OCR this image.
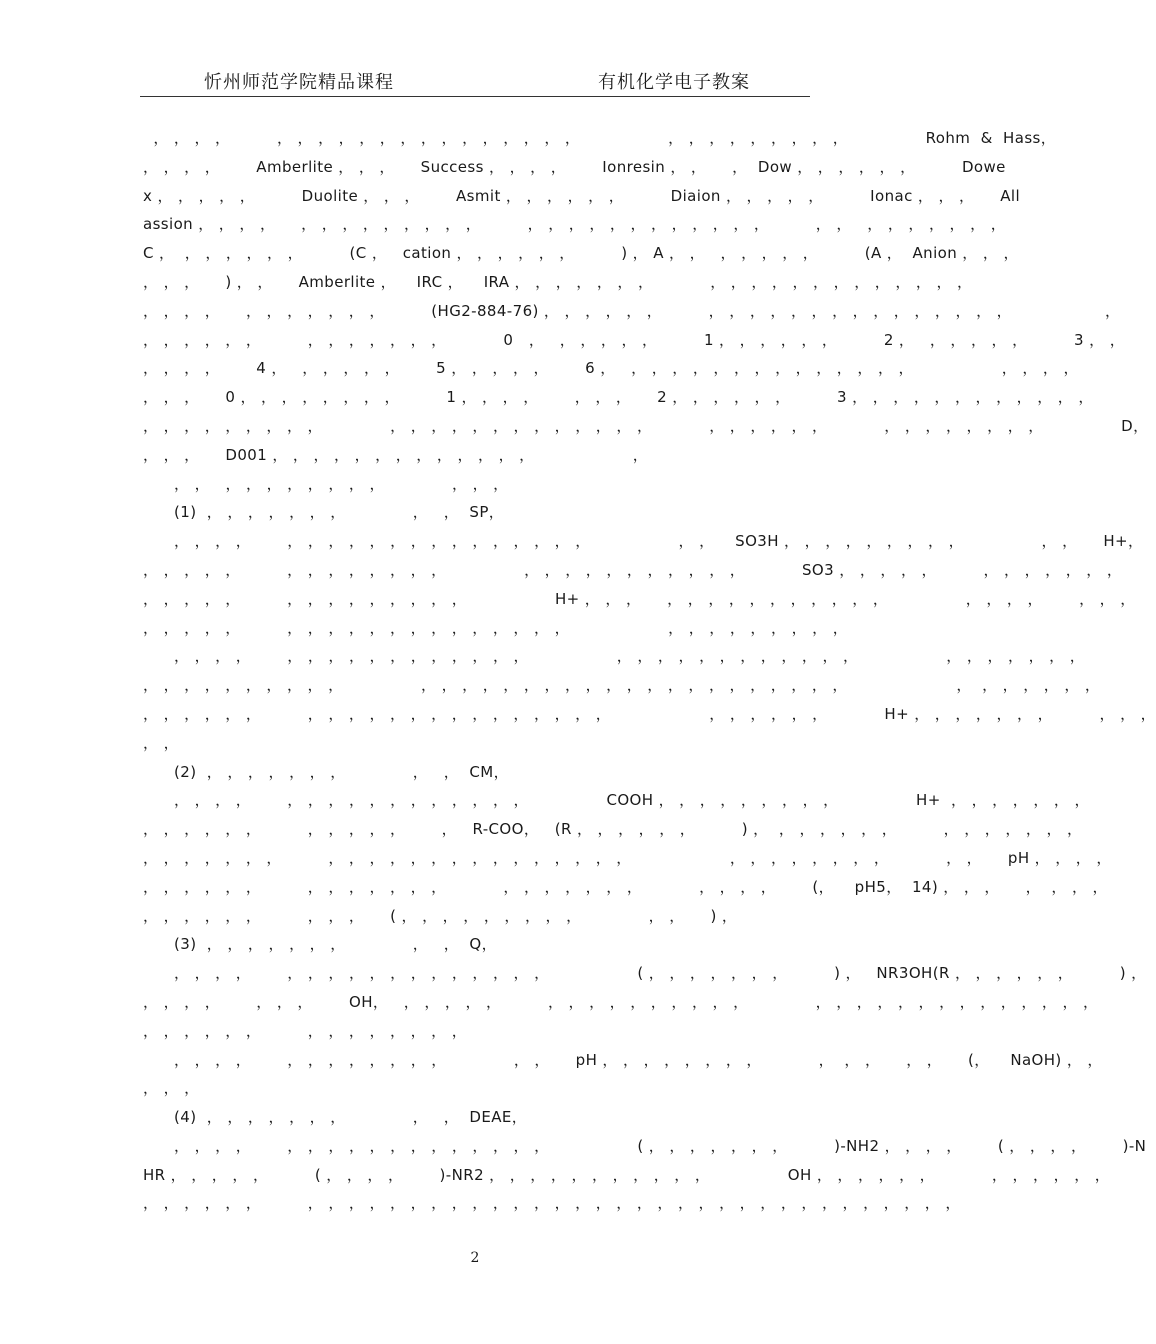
忻州师范学院精品课程	有机化学电子教案
， ， ， ，         ， ， ， ， ， ， ， ， ， ， ， ， ， ， ，                 ， ， ， ， ， ， ， ， ，               Rohm  &  Hass，
， ， ， ，       Amberlite ， ， ，     Success ， ， ， ，       Ionresin ， ，     ，  Dow ， ， ， ， ， ，         Dowe
x ， ， ， ， ，         Duolite ， ， ，       Asmit ， ， ， ， ， ，         Diaion ， ， ， ， ，         Ionac ， ， ，     All
assion ， ， ， ，     ， ， ， ， ， ， ， ， ，         ， ， ， ， ， ， ， ， ， ， ， ，         ， ，   ， ， ， ， ， ， ，
C ，  ， ， ， ， ， ，         (C ，   cation ， ， ， ， ， ，         ) ， A ， ，   ， ， ， ， ，         (A ，  Anion ， ， ，
， ， ，     ) ， ，     Amberlite ，    IRC ，    IRA ， ， ， ， ， ， ，           ， ， ， ， ， ， ， ， ， ， ， ， ，
， ， ， ，     ， ， ， ， ， ， ，         (HG2-884-76) ， ， ， ， ， ，         ， ， ， ， ， ， ， ， ， ， ， ， ， ， ，                  ，
， ， ， ， ， ，         ， ， ， ， ， ， ，           0   ，   ， ， ， ， ，         1 ， ， ， ， ， ，         2 ，   ， ， ， ， ，         3 ， ，
， ， ， ，       4 ，   ， ， ， ， ，       5 ， ， ， ， ，       6 ，   ， ， ， ， ， ， ， ， ， ， ， ， ， ，                 ， ， ， ，
， ， ，     0 ， ， ， ， ， ， ， ，         1 ， ， ， ，       ， ， ，     2 ， ， ， ， ， ，         3 ， ， ， ， ， ， ， ， ， ， ， ，
， ， ， ， ， ， ， ， ，             ， ， ， ， ， ， ， ， ， ， ， ， ，           ， ， ， ， ， ，           ， ， ， ， ， ， ， ，               D，
， ， ，     D001 ， ， ， ， ， ， ， ， ， ， ， ， ，                   ，
， ，   ， ， ， ， ， ， ， ，             ， ， ，
(1)  ， ， ， ， ， ， ，             ，   ，  SP，
， ， ， ，       ， ， ， ， ， ， ， ， ， ， ， ， ， ， ，                 ， ，    SO3H ， ， ， ， ， ， ， ， ，               ， ，     H+，
， ， ， ， ，         ， ， ， ， ， ， ， ，               ， ， ， ， ， ， ， ， ， ， ，           SO3 ， ， ， ， ，         ， ， ， ， ， ， ，
， ， ， ， ，         ， ， ， ， ， ， ， ， ，                 H+ ， ， ，     ， ， ， ， ， ， ， ， ， ， ，               ， ， ， ，       ， ， ，
， ， ， ， ，         ， ， ， ， ， ， ， ， ， ， ， ， ， ，                   ， ， ， ， ， ， ， ， ，
， ， ， ，       ， ， ， ， ， ， ， ， ， ， ， ，                 ， ， ， ， ， ， ， ， ， ， ， ，                 ， ， ， ， ， ， ，
， ， ， ， ， ， ， ， ， ，               ， ， ， ， ， ， ， ， ， ， ， ， ， ， ， ， ， ， ， ， ，                     ，  ， ， ， ， ， ，
， ， ， ， ， ，         ， ， ， ， ， ， ， ， ， ， ， ， ， ， ，                   ， ， ， ， ， ，           H+ ， ， ， ， ， ， ，         ， ， ，
， ，
(2)  ， ， ， ， ， ， ，             ，   ，  CM，
， ， ， ，       ， ， ， ， ， ， ， ， ， ， ， ，               COOH ， ， ， ， ， ， ， ， ，               H+  ， ， ， ， ， ， ，
， ， ， ， ， ，         ， ， ， ， ，       ，   R-COO，   (R ， ， ， ， ， ，         ) ，  ， ， ， ， ， ，         ， ， ， ， ， ， ，
， ， ， ， ， ， ，         ， ， ， ， ， ， ， ， ， ， ， ， ， ， ，                   ， ， ， ， ， ， ， ，           ， ，     pH ， ， ， ，
， ， ， ， ， ，         ， ， ， ， ， ， ，           ， ， ， ， ， ， ，           ， ， ， ，       (，    pH5，  14) ， ， ，     ，  ， ， ，
， ， ， ， ， ，         ， ， ，     ( ， ， ， ， ， ， ， ， ，             ， ，     ) ，
(3)  ， ， ， ， ， ， ，             ，   ，  Q，
， ， ， ，       ， ， ， ， ， ， ， ， ， ， ， ， ，                 ( ， ， ， ， ， ， ，         ) ，   NR3OH(R ， ， ， ， ， ，         ) ，
， ， ， ，       ， ， ，       OH，   ， ， ， ， ，         ， ， ， ， ， ， ， ， ， ，             ， ， ， ， ， ， ， ， ， ， ， ， ， ，
， ， ， ， ， ，         ， ， ， ， ， ， ， ，
， ， ， ，       ， ， ， ， ， ， ， ，             ， ，     pH ， ， ， ， ， ， ， ，           ，  ， ，     ， ，     (，    NaOH) ， ，
， ， ，
(4)  ， ， ， ， ， ， ，             ，   ，  DEAE，
， ， ， ，       ， ， ， ， ， ， ， ， ， ， ， ， ，                 ( ， ， ， ， ， ， ，         )-NH2 ， ， ， ，       ( ， ， ， ，       )-N
HR ， ， ， ， ，         ( ， ， ， ，       )-NR2 ， ， ， ， ， ， ， ， ， ， ，               OH ， ， ， ， ， ，           ， ， ， ， ， ，
， ， ， ， ， ，         ， ， ， ， ， ， ， ， ， ， ， ， ， ， ， ， ， ， ， ， ， ， ， ， ， ， ， ， ， ， ， ，
2
